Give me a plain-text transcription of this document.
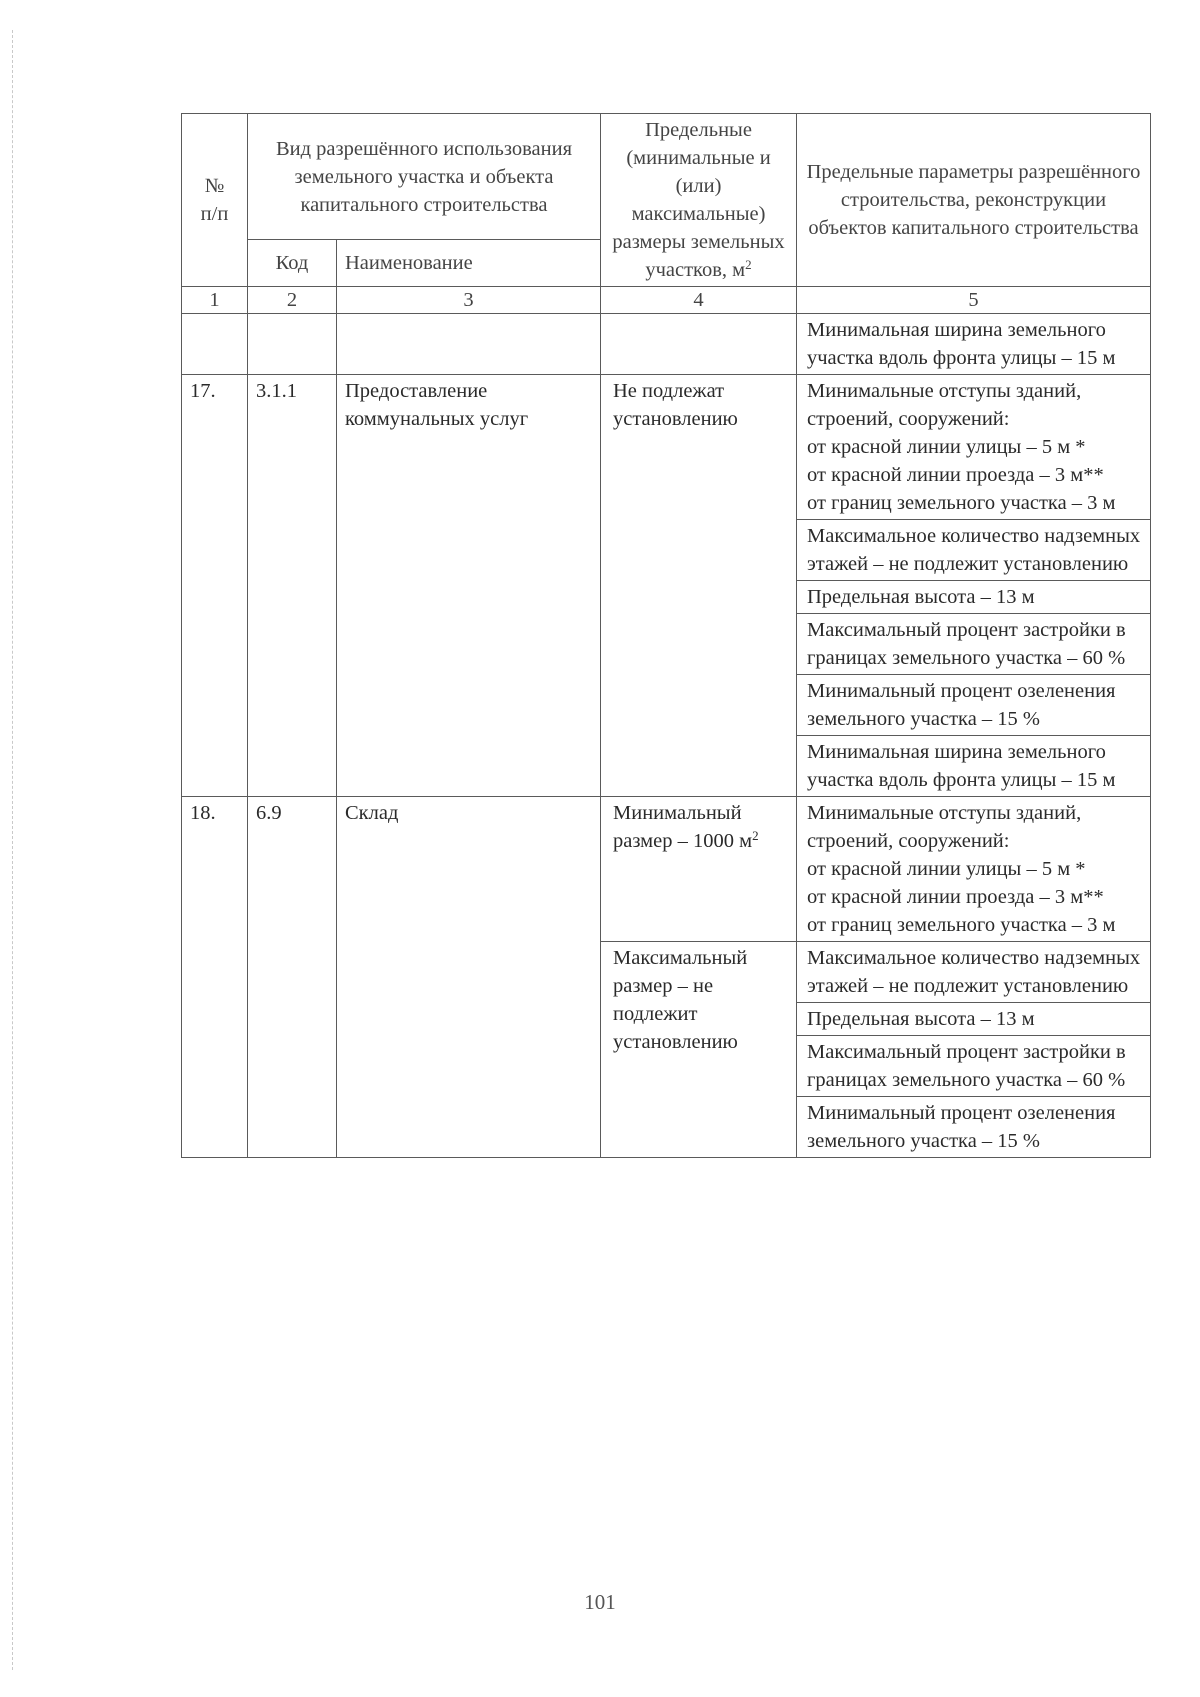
№
п/п	Вид разрешённого использования земельного участка и объекта капитального строительства		Предельные (минимальные и (или) максимальные) размеры земельных участков, $м^2$	Предельные параметры разрешённого строительства, реконструкции объектов капитального строительства
	Код	Наименование		
1	2	3	4	5
				Минимальная ширина земельного участка вдоль фронта улицы – 15 м
17.	3.1.1	Предоставление коммунальных услуг	Не подлежат установлению	Минимальные отступы зданий, строений, сооружений:
от красной линии улицы – 5 м *
от красной линии проезда – 3 м**
от границ земельного участка – 3 м
				Максимальное количество надземных этажей – не подлежит установлению
				Предельная высота – 13 м
				Максимальный процент застройки в границах земельного участка – 60 %
				Минимальный процент озеленения земельного участка – 15 %
				Минимальная ширина земельного участка вдоль фронта улицы – 15 м
18.	6.9	Склад	Минимальный размер – 1000 $м^2$	Минимальные отступы зданий, строений, сооружений:
от красной линии улицы – 5 м *
от красной линии проезда – 3 м**
от границ земельного участка – 3 м
			Максимальный размер – не подлежит установлению	Максимальное количество надземных этажей – не подлежит установлению
				Предельная высота – 13 м
				Максимальный процент застройки в границах земельного участка – 60 %
				Минимальный процент озеленения земельного участка – 15 %
101
